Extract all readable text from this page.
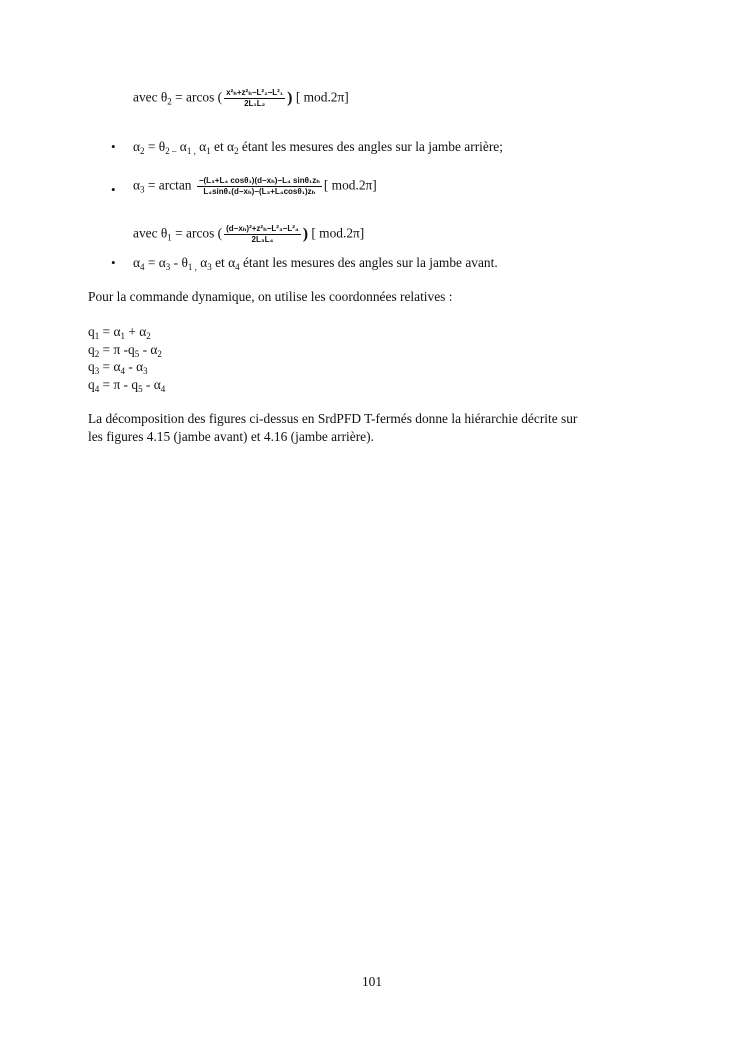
avec $\theta_2 = arcos$ ( $\frac{\text{x²ₕ+z²ₕ−L²₂−L²₁}}{\text{2L₁L₂}}$ ) [ mod.2π]
• $\alpha_2 = \theta_{2 -}$ $\alpha_{1 ,}$ $\alpha_1$ et $\alpha_2$ étant les mesures des angles sur la jambe arrière;
• $\alpha_3 = \arctan \frac{\text{−(L₃+L₄ cosθ₁)(d−xₕ)−L₄ sinθ₁zₕ}}{\text{L₄sinθ₁(d−xₕ)−(L₃+L₄cosθ₁)zₕ}}$ [ mod.2π]
avec $\theta_1 = arcos$ ( $\frac{\text{(d−xₕ)²+z²ₕ−L²₃−L²₄}}{\text{2L₃L₄}}$ ) [ mod.2π]
• $\alpha_4 = \alpha_3 - \theta_{1 ,}$ $\alpha_3$ et $\alpha_4$ étant les mesures des angles sur la jambe avant.
Pour la commande dynamique, on utilise les coordonnées relatives :
$q_1 = \alpha_1 + \alpha_2$
$q_2 = \pi$ $-q_5 - \alpha_2$
$q_3 = \alpha_4 - \alpha_3$
$q_4 = \pi - q_5 - \alpha_4$
La décomposition des figures ci-dessus en SrdPFD T-fermés donne la hiérarchie décrite sur
les figures 4.15 (jambe avant) et 4.16 (jambe arrière).
101
